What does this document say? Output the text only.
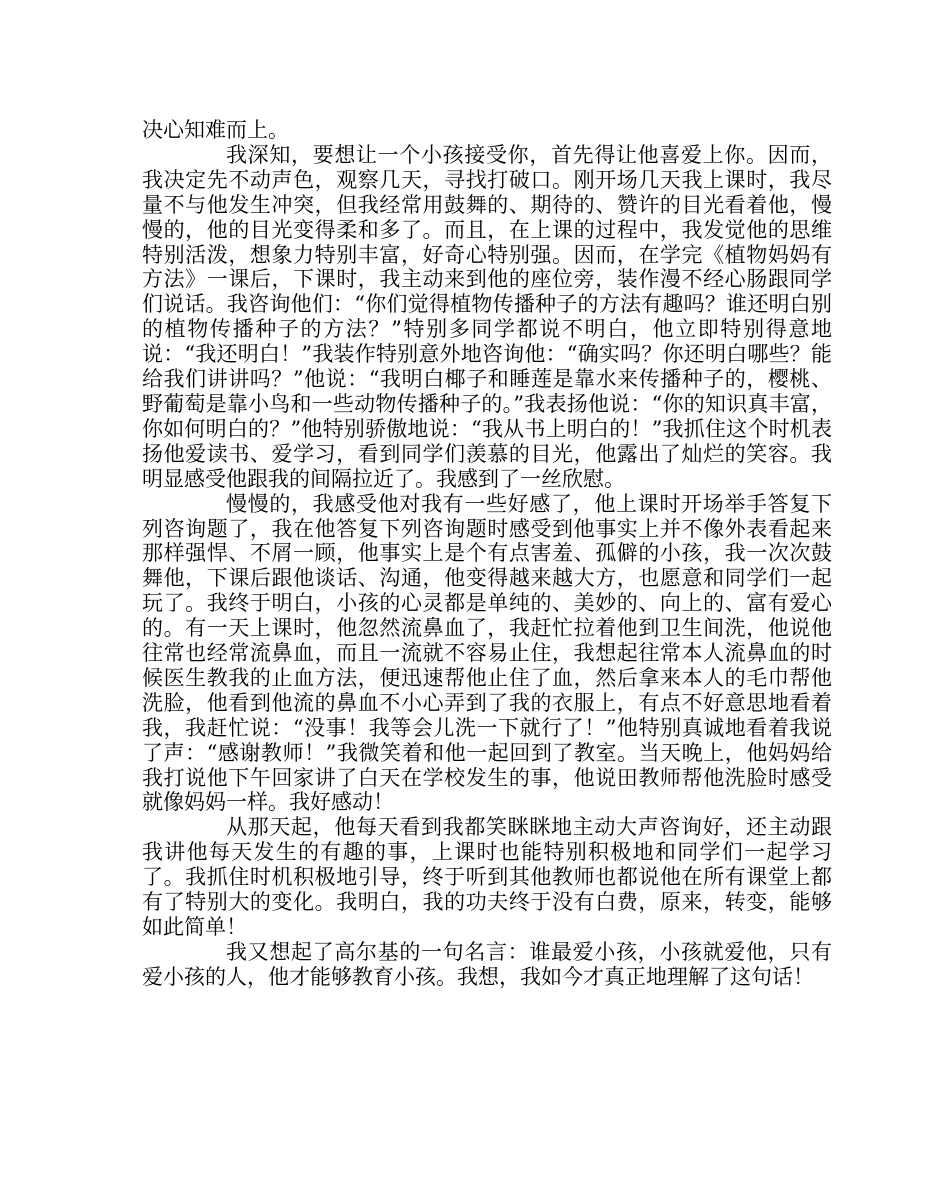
决心知难而上。

我深知，要想让一个小孩接受你，首先得让他喜爱上你。因而，我决定先不动声色，观察几天，寻找打破口。刚开场几天我上课时，我尽量不与他发生冲突，但我经常用鼓舞的、期待的、赞许的目光看着他，慢慢的，他的目光变得柔和多了。而且，在上课的过程中，我发觉他的思维特别活泼，想象力特别丰富，好奇心特别强。因而，在学完《植物妈妈有方法》一课后，下课时，我主动来到他的座位旁，装作漫不经心肠跟同学们说话。我咨询他们：“你们觉得植物传播种子的方法有趣吗？谁还明白别的植物传播种子的方法？”特别多同学都说不明白，他立即特别得意地说：“我还明白！”我装作特别意外地咨询他：“确实吗？你还明白哪些？能给我们讲讲吗？”他说：“我明白椰子和睡莲是靠水来传播种子的，樱桃、野葡萄是靠小鸟和一些动物传播种子的。”我表扬他说：“你的知识真丰富，你如何明白的？”他特别骄傲地说：“我从书上明白的！”我抓住这个时机表扬他爱读书、爱学习，看到同学们羡慕的目光，他露出了灿烂的笑容。我明显感受他跟我的间隔拉近了。我感到了一丝欣慰。

慢慢的，我感受他对我有一些好感了，他上课时开场举手答复下列咨询题了，我在他答复下列咨询题时感受到他事实上并不像外表看起来那样强悍、不屑一顾，他事实上是个有点害羞、孤僻的小孩，我一次次鼓舞他，下课后跟他谈话、沟通，他变得越来越大方，也愿意和同学们一起玩了。我终于明白，小孩的心灵都是单纯的、美妙的、向上的、富有爱心的。有一天上课时，他忽然流鼻血了，我赶忙拉着他到卫生间洗，他说他往常也经常流鼻血，而且一流就不容易止住，我想起往常本人流鼻血的时候医生教我的止血方法，便迅速帮他止住了血，然后拿来本人的毛巾帮他洗脸，他看到他流的鼻血不小心弄到了我的衣服上，有点不好意思地看着我，我赶忙说：“没事！我等会儿洗一下就行了！”他特别真诚地看着我说了声：“感谢教师！”我微笑着和他一起回到了教室。当天晚上，他妈妈给我打说他下午回家讲了白天在学校发生的事，他说田教师帮他洗脸时感受就像妈妈一样。我好感动！

从那天起，他每天看到我都笑眯眯地主动大声咨询好，还主动跟我讲他每天发生的有趣的事，上课时也能特别积极地和同学们一起学习了。我抓住时机积极地引导，终于听到其他教师也都说他在所有课堂上都有了特别大的变化。我明白，我的功夫终于没有白费，原来，转变，能够如此简单！

我又想起了高尔基的一句名言：谁最爱小孩，小孩就爱他，只有爱小孩的人，他才能够教育小孩。我想，我如今才真正地理解了这句话！
